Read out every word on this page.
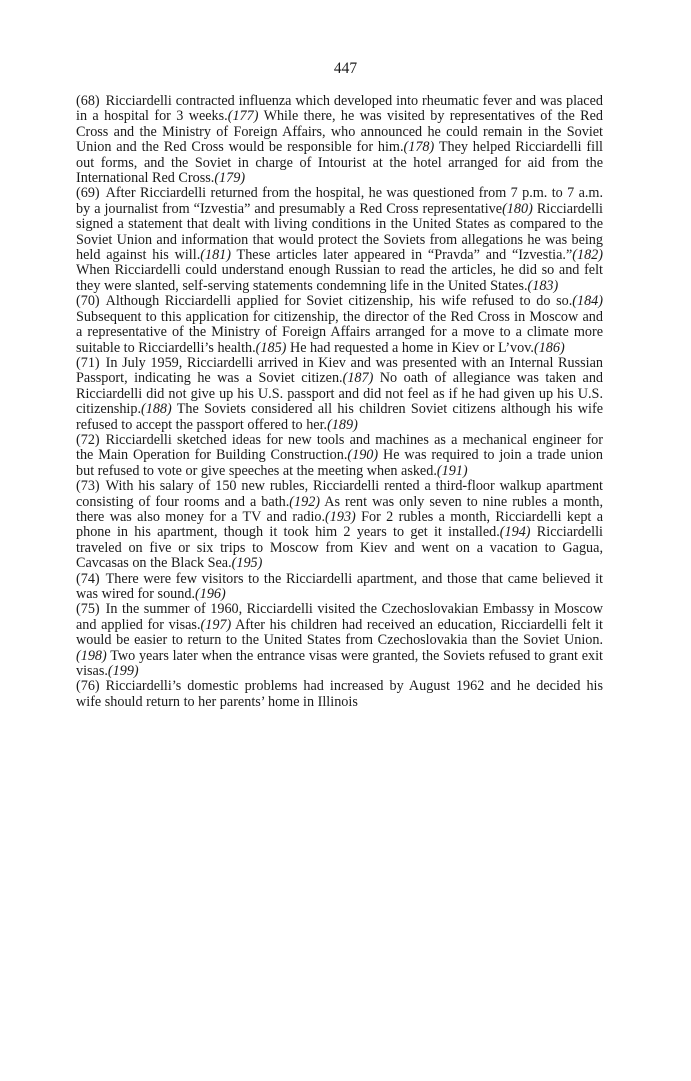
447

(68) Ricciardelli contracted influenza which developed into rheumatic fever and was placed in a hospital for 3 weeks.(177) While there, he was visited by representatives of the Red Cross and the Ministry of Foreign Affairs, who announced he could remain in the Soviet Union and the Red Cross would be responsible for him.(178) They helped Ricciardelli fill out forms, and the Soviet in charge of Intourist at the hotel arranged for aid from the International Red Cross.(179)

(69) After Ricciardelli returned from the hospital, he was questioned from 7 p.m. to 7 a.m. by a journalist from “Izvestia” and presumably a Red Cross representative(180) Ricciardelli signed a statement that dealt with living conditions in the United States as compared to the Soviet Union and information that would protect the Soviets from allegations he was being held against his will.(181) These articles later appeared in “Pravda” and “Izvestia.”(182) When Ricciardelli could understand enough Russian to read the articles, he did so and felt they were slanted, self-serving statements condemning life in the United States.(183)

(70) Although Ricciardelli applied for Soviet citizenship, his wife refused to do so.(184) Subsequent to this application for citizenship, the director of the Red Cross in Moscow and a representative of the Ministry of Foreign Affairs arranged for a move to a climate more suitable to Ricciardelli’s health.(185) He had requested a home in Kiev or L’vov.(186)

(71) In July 1959, Ricciardelli arrived in Kiev and was presented with an Internal Russian Passport, indicating he was a Soviet citizen.(187) No oath of allegiance was taken and Ricciardelli did not give up his U.S. passport and did not feel as if he had given up his U.S. citizenship.(188) The Soviets considered all his children Soviet citizens although his wife refused to accept the passport offered to her.(189)

(72) Ricciardelli sketched ideas for new tools and machines as a mechanical engineer for the Main Operation for Building Construction.(190) He was required to join a trade union but refused to vote or give speeches at the meeting when asked.(191)

(73) With his salary of 150 new rubles, Ricciardelli rented a third-floor walkup apartment consisting of four rooms and a bath.(192) As rent was only seven to nine rubles a month, there was also money for a TV and radio.(193) For 2 rubles a month, Ricciardelli kept a phone in his apartment, though it took him 2 years to get it installed.(194) Ricciardelli traveled on five or six trips to Moscow from Kiev and went on a vacation to Gagua, Cavcasas on the Black Sea.(195)

(74) There were few visitors to the Ricciardelli apartment, and those that came believed it was wired for sound.(196)

(75) In the summer of 1960, Ricciardelli visited the Czechoslovakian Embassy in Moscow and applied for visas.(197) After his children had received an education, Ricciardelli felt it would be easier to return to the United States from Czechoslovakia than the Soviet Union.(198) Two years later when the entrance visas were granted, the Soviets refused to grant exit visas.(199)

(76) Ricciardelli’s domestic problems had increased by August 1962 and he decided his wife should return to her parents’ home in Illinois
